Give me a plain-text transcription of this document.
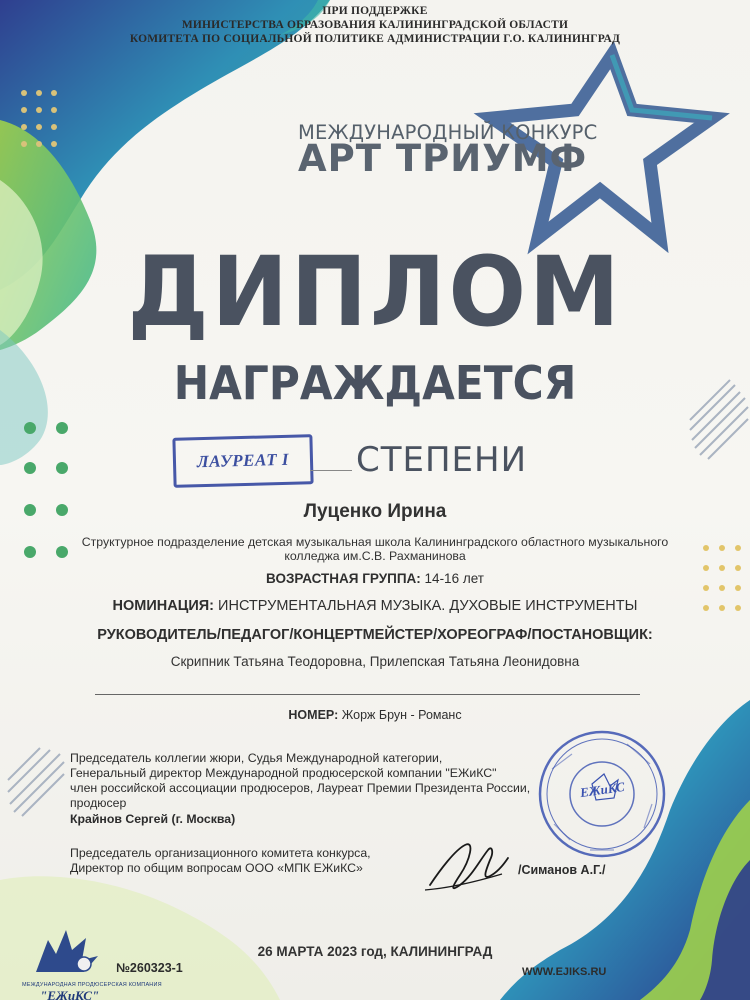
ПРИ ПОДДЕРЖКЕ
МИНИСТЕРСТВА ОБРАЗОВАНИЯ КАЛИНИНГРАДСКОЙ ОБЛАСТИ
КОМИТЕТА ПО СОЦИАЛЬНОЙ ПОЛИТИКЕ АДМИНИСТРАЦИИ Г.О. КАЛИНИНГРАД
МЕЖДУНАРОДНЫЙ КОНКУРС
АРТ ТРИУМФ
ДИПЛОМ
НАГРАЖДАЕТСЯ
ЛАУРЕАТ I СТЕПЕНИ
Луценко Ирина
Структурное подразделение детская музыкальная школа Калининградского областного музыкального
колледжа им.С.В. Рахманинова
ВОЗРАСТНАЯ ГРУППА: 14-16 лет
НОМИНАЦИЯ: ИНСТРУМЕНТАЛЬНАЯ МУЗЫКА. ДУХОВЫЕ ИНСТРУМЕНТЫ
РУКОВОДИТЕЛЬ/ПЕДАГОГ/КОНЦЕРТМЕЙСТЕР/ХОРЕОГРАФ/ПОСТАНОВЩИК:
Скрипник Татьяна Теодоровна, Прилепская Татьяна Леонидовна
НОМЕР: Жорж Брун - Романс
Председатель коллегии жюри, Судья Международной категории,
Генеральный директор Международной продюсерской компании "ЕЖиКС"
член российской ассоциации продюсеров, Лауреат Премии Президента России,
продюсер
Крайнов Сергей (г. Москва)
Председатель организационного комитета конкурса,
Директор по общим вопросам ООО «МПК ЕЖиКС»	/Симанов А.Г./
ЕЖиКС
26 МАРТА 2023 год, КАЛИНИНГРАД
МЕЖДУНАРОДНАЯ ПРОДЮСЕРСКАЯ КОМПАНИЯ
"ЕЖиКС"
№260323-1	WWW.EJIKS.RU
